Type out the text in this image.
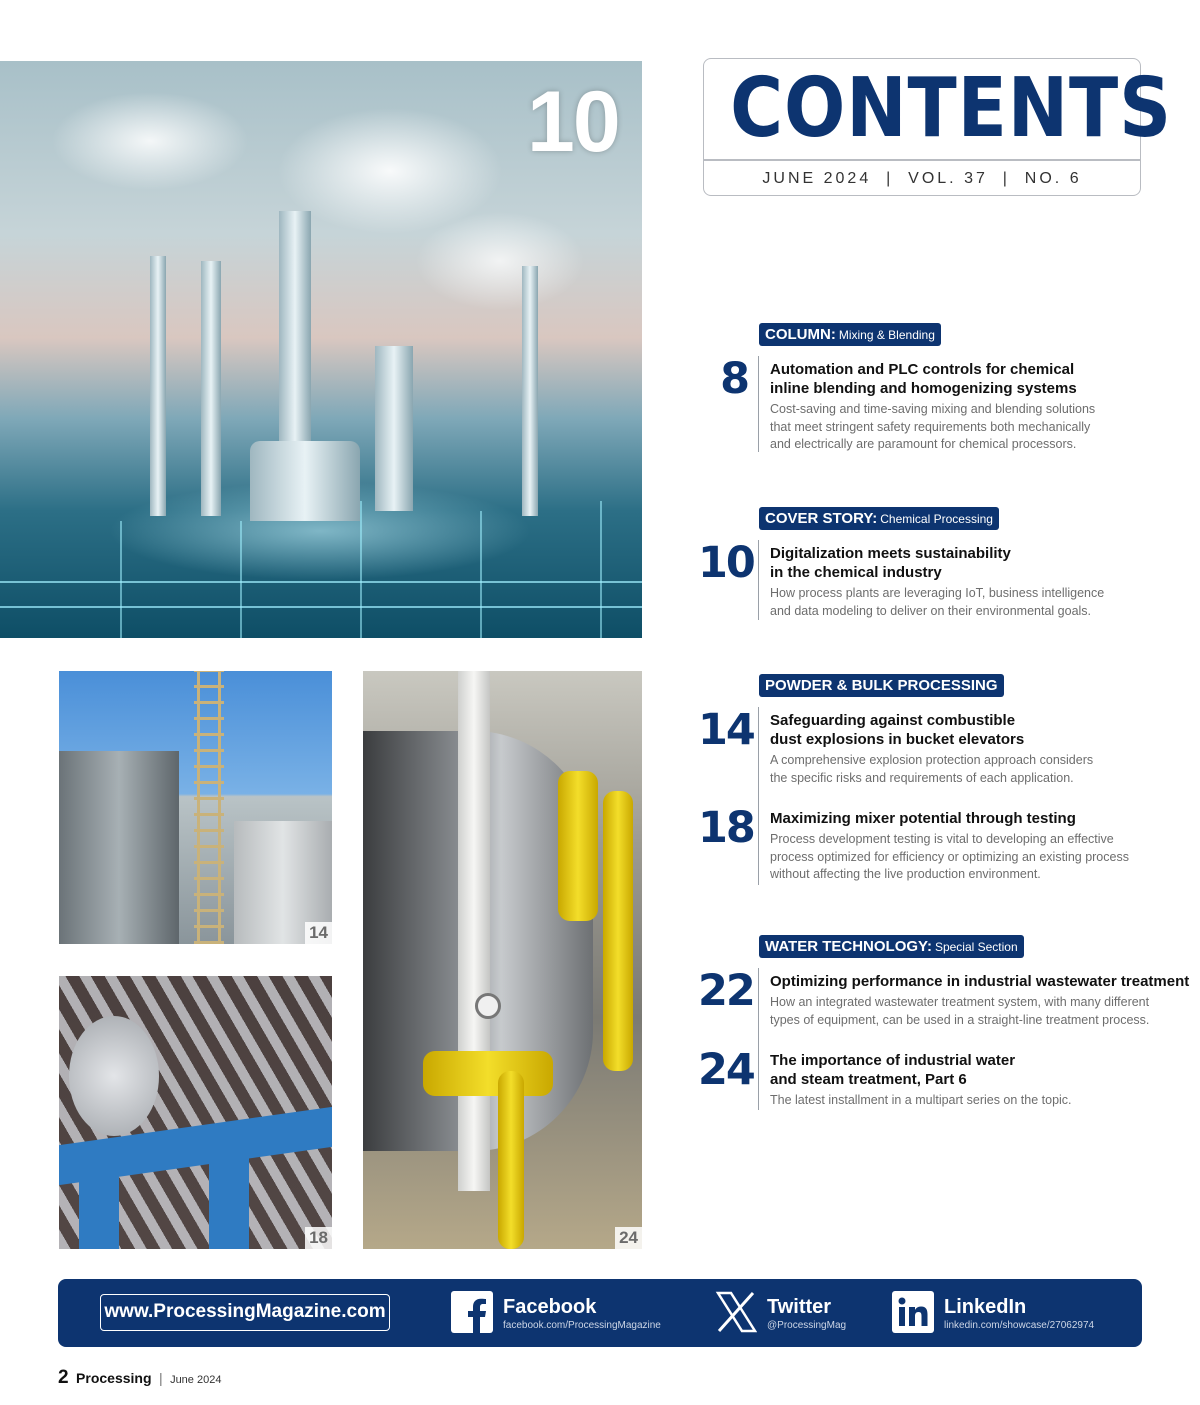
10
14
18	24
CONTENTS
JUNE 2024  |  VOL. 37  |  NO. 6
COLUMN: Mixing & Blending
8 Automation and PLC controls for chemical
inline blending and homogenizing systems
Cost-saving and time-saving mixing and blending solutions
that meet stringent safety requirements both mechanically
and electrically are paramount for chemical processors.
COVER STORY: Chemical Processing
10 Digitalization meets sustainability
in the chemical industry
How process plants are leveraging IoT, business intelligence
and data modeling to deliver on their environmental goals.
POWDER & BULK PROCESSING
14 Safeguarding against combustible
dust explosions in bucket elevators
A comprehensive explosion protection approach considers
the specific risks and requirements of each application.
18 Maximizing mixer potential through testing
Process development testing is vital to developing an effective
process optimized for efficiency or optimizing an existing process
without affecting the live production environment.
WATER TECHNOLOGY: Special Section
22 Optimizing performance in industrial wastewater treatment
How an integrated wastewater treatment system, with many different
types of equipment, can be used in a straight-line treatment process.
24 The importance of industrial water
and steam treatment, Part 6
The latest installment in a multipart series on the topic.
www.ProcessingMagazine.com	Facebook
facebook.com/ProcessingMagazine
Twitter
@ProcessingMag
LinkedIn
linkedin.com/showcase/27062974
2 Processing | June 2024
